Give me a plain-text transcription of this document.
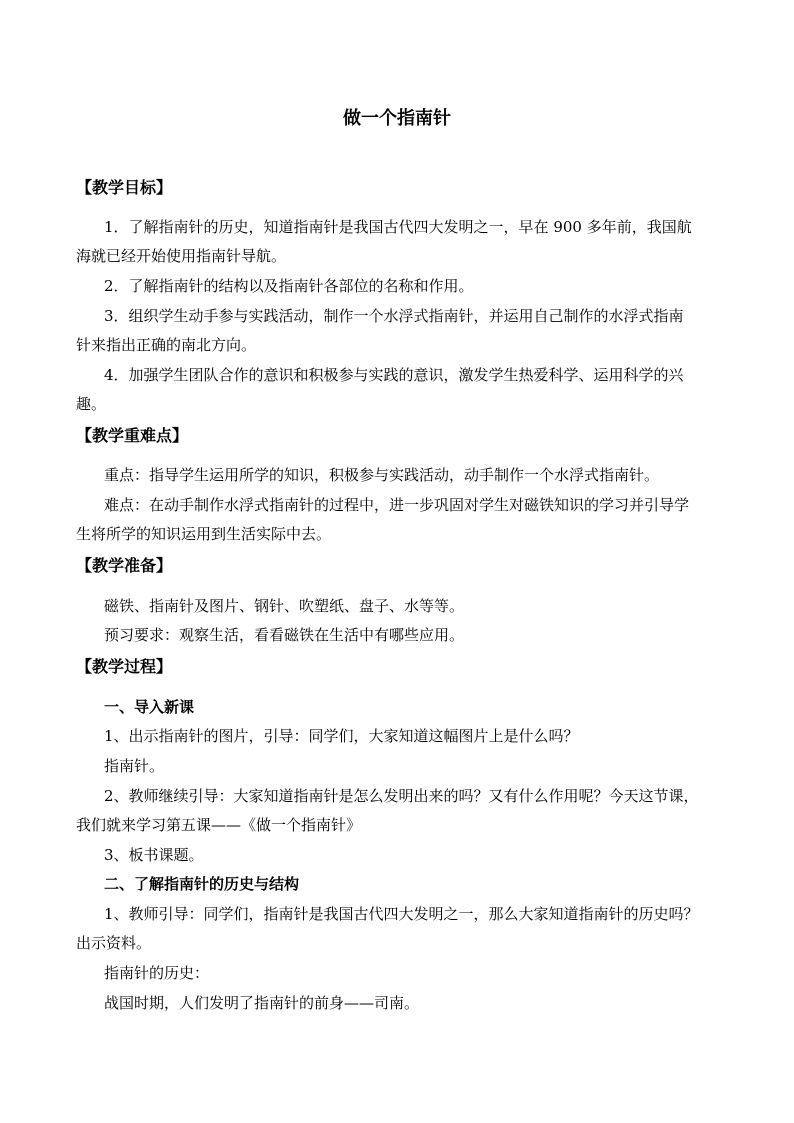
做一个指南针
【教学目标】
1．了解指南针的历史，知道指南针是我国古代四大发明之一，早在 900 多年前，我国航
海就已经开始使用指南针导航。
2．了解指南针的结构以及指南针各部位的名称和作用。
3．组织学生动手参与实践活动，制作一个水浮式指南针，并运用自己制作的水浮式指南
针来指出正确的南北方向。
4．加强学生团队合作的意识和积极参与实践的意识，激发学生热爱科学、运用科学的兴
趣。
【教学重难点】
重点：指导学生运用所学的知识，积极参与实践活动，动手制作一个水浮式指南针。
难点：在动手制作水浮式指南针的过程中，进一步巩固对学生对磁铁知识的学习并引导学
生将所学的知识运用到生活实际中去。
【教学准备】
磁铁、指南针及图片、钢针、吹塑纸、盘子、水等等。
预习要求：观察生活，看看磁铁在生活中有哪些应用。
【教学过程】
一、导入新课
1、出示指南针的图片，引导：同学们，大家知道这幅图片上是什么吗？
指南针。
2、教师继续引导：大家知道指南针是怎么发明出来的吗？又有什么作用呢？今天这节课，
我们就来学习第五课——《做一个指南针》
3、板书课题。
二、了解指南针的历史与结构
1、教师引导：同学们，指南针是我国古代四大发明之一，那么大家知道指南针的历史吗？
出示资料。
指南针的历史：
战国时期，人们发明了指南针的前身——司南。
